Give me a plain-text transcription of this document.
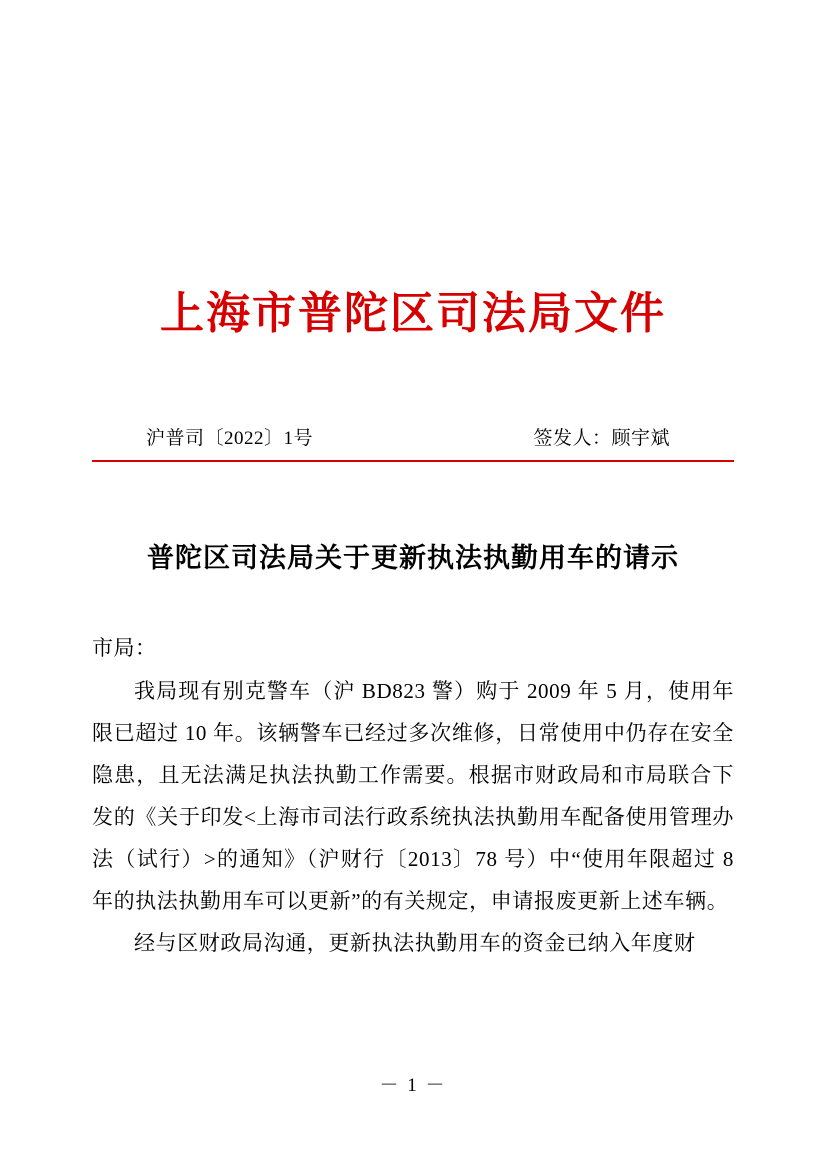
上海市普陀区司法局文件
沪普司〔2022〕1号	签发人：顾宇斌
普陀区司法局关于更新执法执勤用车的请示
市局：

我局现有别克警车（沪 BD823 警）购于 2009 年 5 月，使用年限已超过 10 年。该辆警车已经过多次维修，日常使用中仍存在安全隐患，且无法满足执法执勤工作需要。根据市财政局和市局联合下发的《关于印发<上海市司法行政系统执法执勤用车配备使用管理办法（试行）>的通知》（沪财行〔2013〕78 号）中“使用年限超过 8 年的执法执勤用车可以更新”的有关规定，申请报废更新上述车辆。

经与区财政局沟通，更新执法执勤用车的资金已纳入年度财

－ 1 －
